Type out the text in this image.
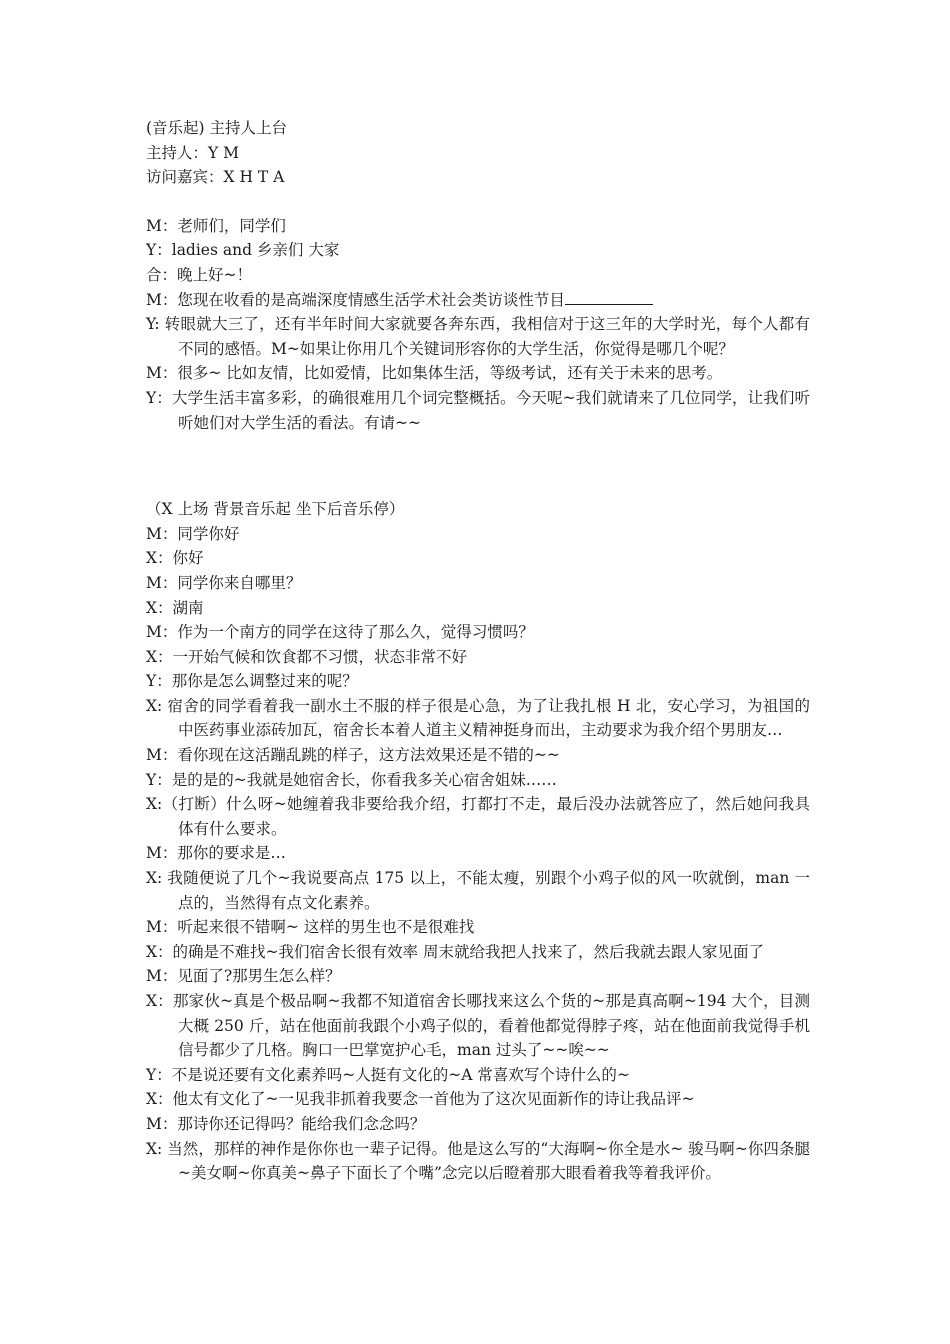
(音乐起) 主持人上台
主持人：Y M
访问嘉宾：X H T A
M：老师们，同学们
Y：ladies and 乡亲们 大家
合：晚上好~！
M：您现在收看的是高端深度情感生活学术社会类访谈性节目
Y: 转眼就大三了，还有半年时间大家就要各奔东西，我相信对于这三年的大学时光，每个人都有不同的感悟。M~如果让你用几个关键词形容你的大学生活，你觉得是哪几个呢？
M：很多~ 比如友情，比如爱情，比如集体生活，等级考试，还有关于未来的思考。
Y：大学生活丰富多彩，的确很难用几个词完整概括。今天呢~我们就请来了几位同学，让我们听听她们对大学生活的看法。有请~~
（X 上场 背景音乐起 坐下后音乐停）
M：同学你好
X：你好
M：同学你来自哪里？
X：湖南
M：作为一个南方的同学在这待了那么久，觉得习惯吗？
X：一开始气候和饮食都不习惯，状态非常不好
Y：那你是怎么调整过来的呢？
X: 宿舍的同学看着我一副水土不服的样子很是心急，为了让我扎根 H 北，安心学习，为祖国的中医药事业添砖加瓦，宿舍长本着人道主义精神挺身而出，主动要求为我介绍个男朋友…
M：看你现在这活蹦乱跳的样子，这方法效果还是不错的~~
Y：是的是的~我就是她宿舍长，你看我多关心宿舍姐妹……
X:（打断）什么呀~她缠着我非要给我介绍，打都打不走，最后没办法就答应了，然后她问我具体有什么要求。
M：那你的要求是…
X: 我随便说了几个~我说要高点 175 以上，不能太瘦，别跟个小鸡子似的风一吹就倒，man 一点的，当然得有点文化素养。
M：听起来很不错啊~ 这样的男生也不是很难找
X：的确是不难找~我们宿舍长很有效率 周末就给我把人找来了，然后我就去跟人家见面了
M：见面了?那男生怎么样？
X：那家伙~真是个极品啊~我都不知道宿舍长哪找来这么个货的~那是真高啊~194 大个，目测大概 250 斤，站在他面前我跟个小鸡子似的，看着他都觉得脖子疼，站在他面前我觉得手机信号都少了几格。胸口一巴掌宽护心毛，man 过头了~~唉~~
Y：不是说还要有文化素养吗~人挺有文化的~A 常喜欢写个诗什么的~
X：他太有文化了~一见我非抓着我要念一首他为了这次见面新作的诗让我品评~
M：那诗你还记得吗？能给我们念念吗？
X: 当然，那样的神作是你你也一辈子记得。他是这么写的“大海啊~你全是水~ 骏马啊~你四条腿~美女啊~你真美~鼻子下面长了个嘴”念完以后瞪着那大眼看着我等着我评价。
